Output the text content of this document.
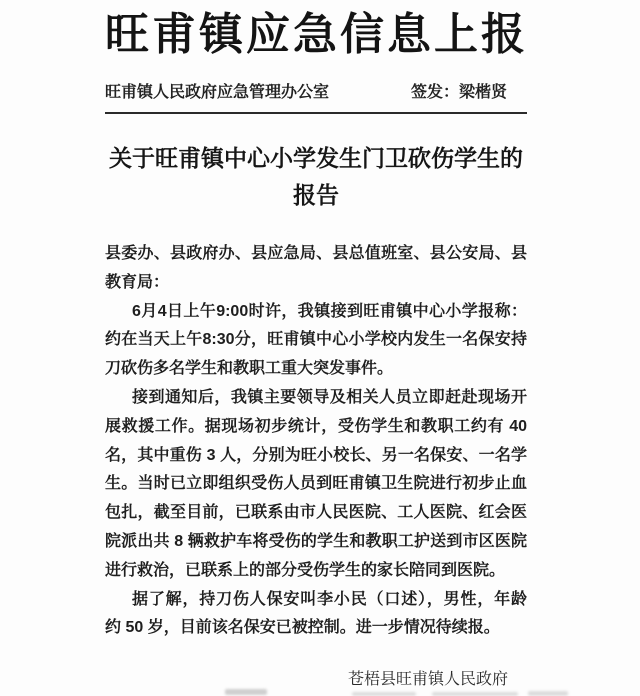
旺甫镇应急信息上报
旺甫镇人民政府应急管理办公室	签发：梁楷贤
关于旺甫镇中心小学发生门卫砍伤学生的
报告
县委办、县政府办、县应急局、县总值班室、县公安局、县
教育局：
6月4日上午9:00时许，我镇接到旺甫镇中心小学报称：
约在当天上午8:30分，旺甫镇中心小学校内发生一名保安持
刀砍伤多名学生和教职工重大突发事件。
接到通知后，我镇主要领导及相关人员立即赶赴现场开
展救援工作。据现场初步统计，受伤学生和教职工约有 40
名，其中重伤 3 人，分别为旺小校长、另一名保安、一名学
生。当时已立即组织受伤人员到旺甫镇卫生院进行初步止血
包扎，截至目前，已联系由市人民医院、工人医院、红会医
院派出共 8 辆救护车将受伤的学生和教职工护送到市区医院
进行救治，已联系上的部分受伤学生的家长陪同到医院。
据了解，持刀伤人保安叫李小民（口述），男性，年龄
约 50 岁，目前该名保安已被控制。进一步情况待续报。
苍梧县旺甫镇人民政府
